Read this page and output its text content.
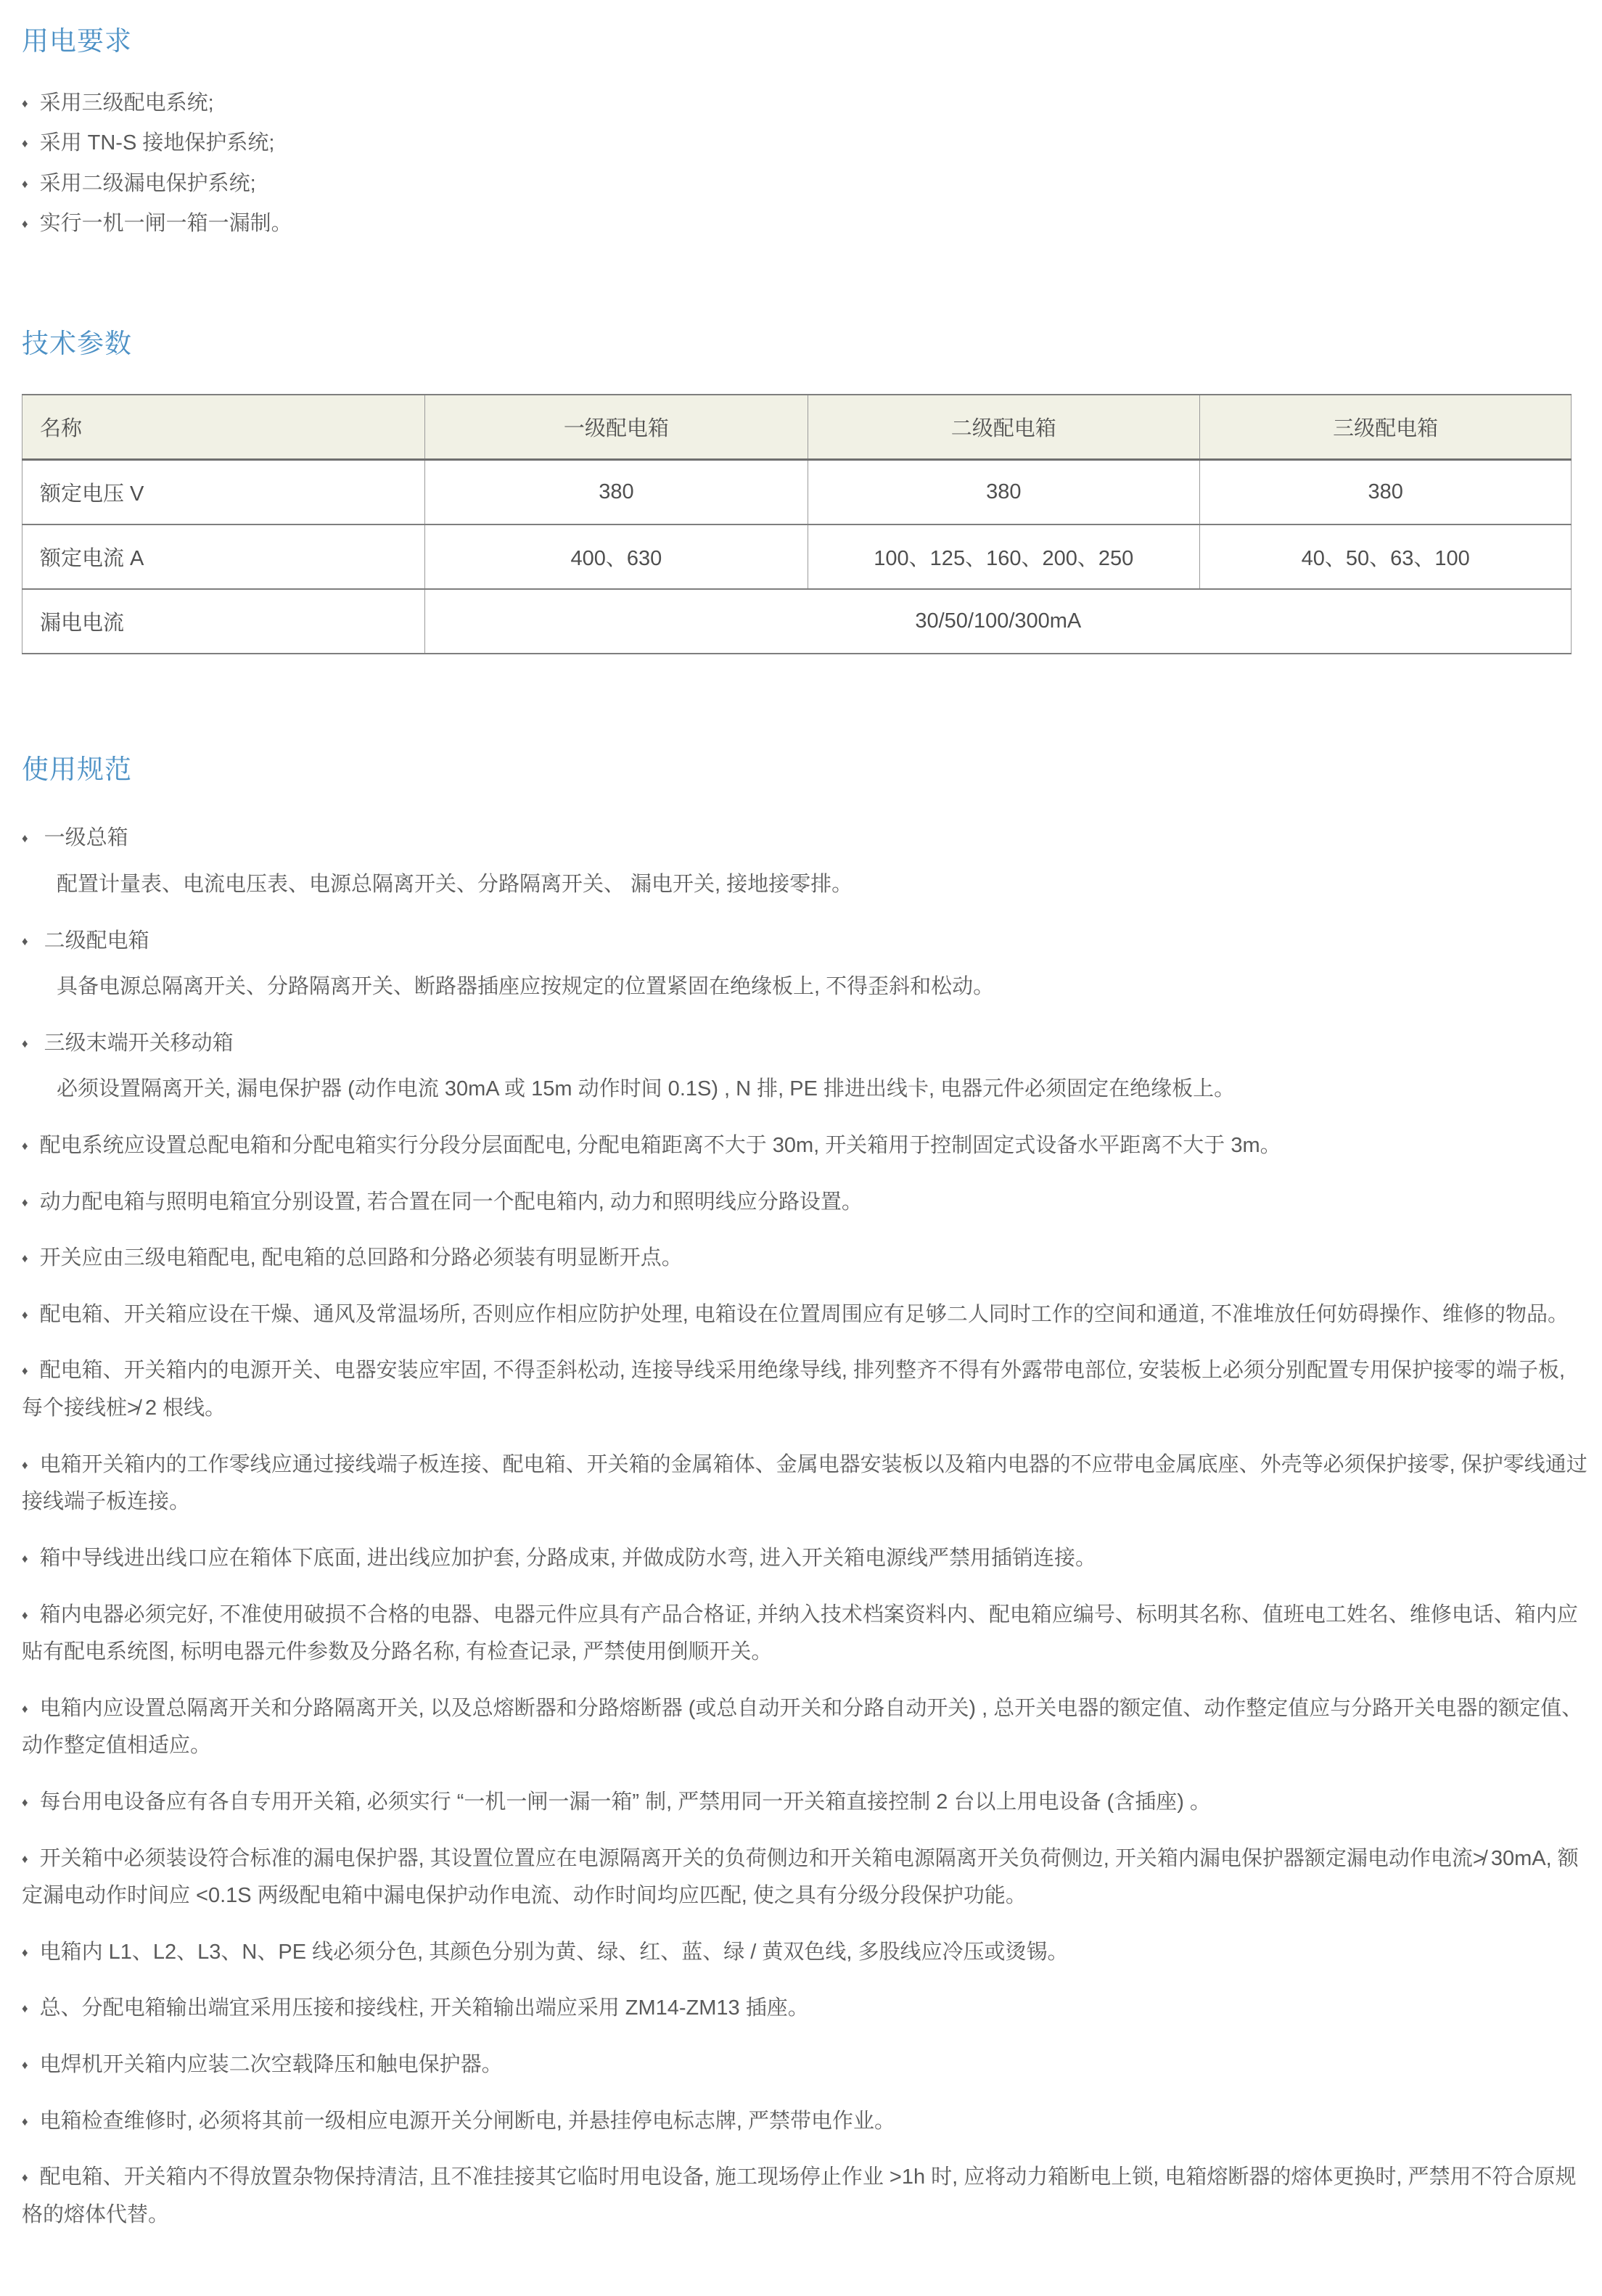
用电要求

♦ 采用三级配电系统;

♦ 采用 TN-S 接地保护系统;

♦ 采用二级漏电保护系统;

♦ 实行一机一闸一箱一漏制。

技术参数
名称	一级配电箱	二级配电箱	三级配电箱
额定电压 V	380	380	380
额定电流 A	400、630	100、125、160、200、250	40、50、63、100
漏电电流	30/50/100/300mA		
使用规范

♦ 一级总箱

配置计量表、电流电压表、电源总隔离开关、分路隔离开关、 漏电开关, 接地接零排。

♦ 二级配电箱

具备电源总隔离开关、分路隔离开关、断路器插座应按规定的位置紧固在绝缘板上, 不得歪斜和松动。

♦ 三级末端开关移动箱

必须设置隔离开关, 漏电保护器 (动作电流 30mA 或 15m 动作时间 0.1S) , N 排, PE 排进出线卡, 电器元件必须固定在绝缘板上。

♦ 配电系统应设置总配电箱和分配电箱实行分段分层面配电, 分配电箱距离不大于 30m, 开关箱用于控制固定式设备水平距离不大于 3m。

♦ 动力配电箱与照明电箱宜分别设置, 若合置在同一个配电箱内, 动力和照明线应分路设置。

♦ 开关应由三级电箱配电, 配电箱的总回路和分路必须装有明显断开点。

♦ 配电箱、开关箱应设在干燥、通风及常温场所, 否则应作相应防护处理, 电箱设在位置周围应有足够二人同时工作的空间和通道, 不准堆放任何妨碍操作、维修的物品。

♦ 配电箱、开关箱内的电源开关、电器安装应牢固, 不得歪斜松动, 连接导线采用绝缘导线, 排列整齐不得有外露带电部位, 安装板上必须分别配置专用保护接零的端子板, 每个接线桩≯ 2 根线。

♦ 电箱开关箱内的工作零线应通过接线端子板连接、配电箱、开关箱的金属箱体、金属电器安装板以及箱内电器的不应带电金属底座、外壳等必须保护接零, 保护零线通过接线端子板连接。

♦ 箱中导线进出线口应在箱体下底面, 进出线应加护套, 分路成束, 并做成防水弯, 进入开关箱电源线严禁用插销连接。

♦ 箱内电器必须完好, 不准使用破损不合格的电器、电器元件应具有产品合格证, 并纳入技术档案资料内、配电箱应编号、标明其名称、值班电工姓名、维修电话、箱内应贴有配电系统图, 标明电器元件参数及分路名称, 有检查记录, 严禁使用倒顺开关。

♦ 电箱内应设置总隔离开关和分路隔离开关, 以及总熔断器和分路熔断器 (或总自动开关和分路自动开关) , 总开关电器的额定值、动作整定值应与分路开关电器的额定值、动作整定值相适应。

♦ 每台用电设备应有各自专用开关箱, 必须实行 “一机一闸一漏一箱” 制, 严禁用同一开关箱直接控制 2 台以上用电设备 (含插座) 。

♦ 开关箱中必须装设符合标准的漏电保护器, 其设置位置应在电源隔离开关的负荷侧边和开关箱电源隔离开关负荷侧边, 开关箱内漏电保护器额定漏电动作电流≯ 30mA, 额定漏电动作时间应 <0.1S 两级配电箱中漏电保护动作电流、动作时间均应匹配, 使之具有分级分段保护功能。

♦ 电箱内 L1、L2、L3、N、PE 线必须分色, 其颜色分别为黄、绿、红、蓝、绿 / 黄双色线, 多股线应冷压或烫锡。

♦ 总、分配电箱输出端宜采用压接和接线柱, 开关箱输出端应采用 ZM14-ZM13 插座。

♦ 电焊机开关箱内应装二次空载降压和触电保护器。

♦ 电箱检查维修时, 必须将其前一级相应电源开关分闸断电, 并悬挂停电标志牌, 严禁带电作业。

♦ 配电箱、开关箱内不得放置杂物保持清洁, 且不准挂接其它临时用电设备, 施工现场停止作业 >1h 时, 应将动力箱断电上锁, 电箱熔断器的熔体更换时, 严禁用不符合原规格的熔体代替。
